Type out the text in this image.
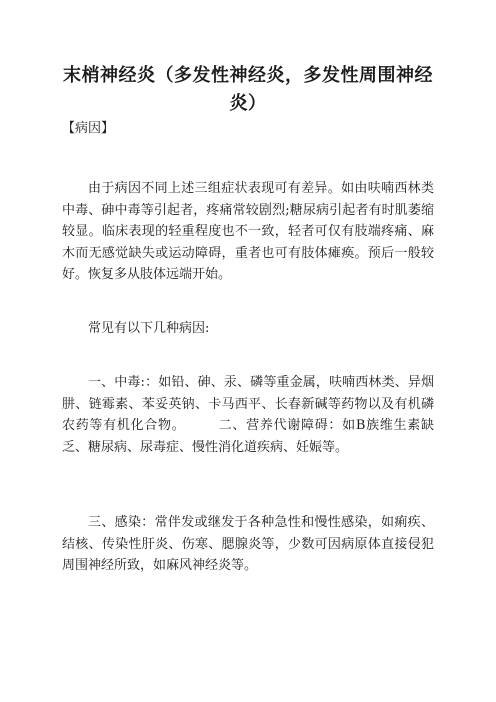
末梢神经炎（多发性神经炎，多发性周围神经炎）
【病因】

由于病因不同上述三组症状表现可有差异。如由呋喃西林类中毒、砷中毒等引起者，疼痛常较剧烈;糖尿病引起者有时肌萎缩较显。临床表现的轻重程度也不一致，轻者可仅有肢端疼痛、麻木而无感觉缺失或运动障碍，重者也可有肢体瘫痪。预后一般较好。恢复多从肢体远端开始。

常见有以下几种病因:

一、中毒:：如铅、砷、汞、磷等重金属，呋喃西林类、异烟肼、链霉素、苯妥英钠、卡马西平、长春新碱等药物以及有机磷农药等有机化合物。	二、营养代谢障碍：如B族维生素缺乏、糖尿病、尿毒症、慢性消化道疾病、妊娠等。

三、感染：常伴发或继发于各种急性和慢性感染，如痢疾、结核、传染性肝炎、伤寒、腮腺炎等，少数可因病原体直接侵犯周围神经所致，如麻风神经炎等。
